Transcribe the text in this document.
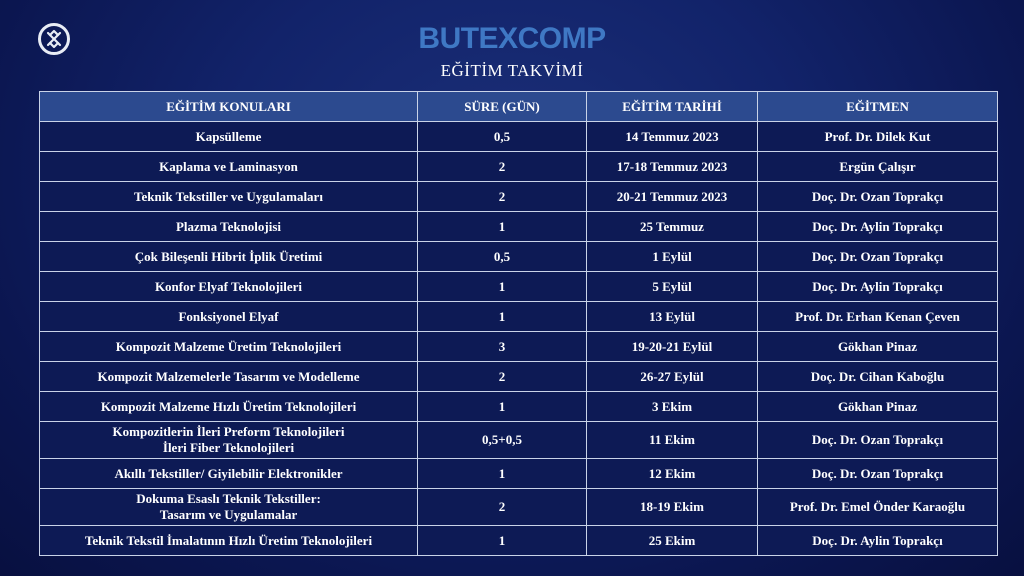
BUTEXCOMP
EĞİTİM TAKVİMİ
EĞİTİM KONULARI	SÜRE (GÜN)	EĞİTİM TARİHİ	EĞİTMEN
Kapsülleme	0,5	14 Temmuz 2023	Prof. Dr. Dilek Kut
Kaplama ve Laminasyon	2	17-18 Temmuz 2023	Ergün Çalışır
Teknik Tekstiller ve Uygulamaları	2	20-21 Temmuz 2023	Doç. Dr. Ozan Toprakçı
Plazma Teknolojisi	1	25 Temmuz	Doç. Dr. Aylin Toprakçı
Çok Bileşenli Hibrit İplik Üretimi	0,5	1 Eylül	Doç. Dr. Ozan Toprakçı
Konfor Elyaf Teknolojileri	1	5 Eylül	Doç. Dr. Aylin Toprakçı
Fonksiyonel Elyaf	1	13 Eylül	Prof. Dr. Erhan Kenan Çeven
Kompozit Malzeme Üretim Teknolojileri	3	19-20-21 Eylül	Gökhan Pinaz
Kompozit Malzemelerle Tasarım ve Modelleme	2	26-27 Eylül	Doç. Dr. Cihan Kaboğlu
Kompozit Malzeme Hızlı Üretim Teknolojileri	1	3 Ekim	Gökhan Pinaz

Kompozitlerin İleri Preform Teknolojileri
İleri Fiber Teknolojileri	0,5+0,5	11 Ekim	Doç. Dr. Ozan Toprakçı
Akıllı Tekstiller/ Giyilebilir Elektronikler	1	12 Ekim	Doç. Dr. Ozan Toprakçı

Dokuma Esaslı Teknik Tekstiller:
Tasarım ve Uygulamalar	2	18-19 Ekim	Prof. Dr. Emel Önder Karaoğlu
Teknik Tekstil İmalatının Hızlı Üretim Teknolojileri	1	25 Ekim	Doç. Dr. Aylin Toprakçı
